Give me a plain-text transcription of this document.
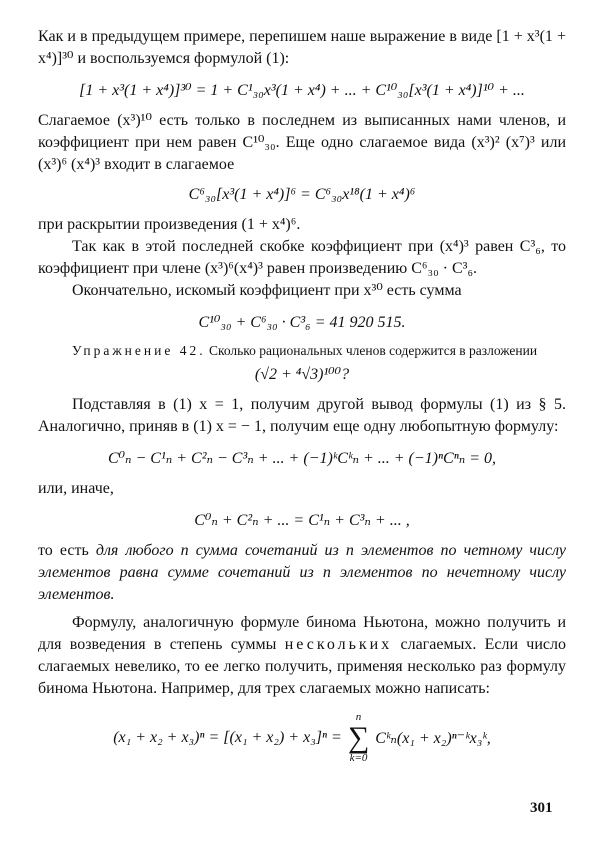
Как и в предыдущем примере, перепишем наше выражение в виде [1 + x³(1 + x⁴)]³⁰ и воспользуемся формулой (1):

[1 + x³(1 + x⁴)]³⁰ = 1 + C¹₃₀x³(1 + x⁴) + ... + C¹⁰₃₀[x³(1 + x⁴)]¹⁰ + ...

Слагаемое (x³)¹⁰ есть только в последнем из выписанных нами членов, и коэффициент при нем равен C¹⁰₃₀. Еще одно слагаемое вида (x³)² (x⁷)³ или (x³)⁶ (x⁴)³ входит в слагаемое

C⁶₃₀[x³(1 + x⁴)]⁶ = C⁶₃₀x¹⁸(1 + x⁴)⁶

при раскрытии произведения (1 + x⁴)⁶.

Так как в этой последней скобке коэффициент при (x⁴)³ равен C³₆, то коэффициент при члене (x³)⁶(x⁴)³ равен произведению C⁶₃₀ · C³₆.

Окончательно, искомый коэффициент при x³⁰ есть сумма

C¹⁰₃₀ + C⁶₃₀ · C³₆ = 41 920 515.

Упражнение 42. Сколько рациональных членов содержится в разложении

(√2 + ⁴√3)¹⁰⁰?

Подставляя в (1) x = 1, получим другой вывод формулы (1) из § 5. Аналогично, приняв в (1) x = − 1, получим еще одну любопытную формулу:

C⁰ₙ − C¹ₙ + C²ₙ − C³ₙ + ... + (−1)ᵏCᵏₙ + ... + (−1)ⁿCⁿₙ = 0,

или, иначе,

C⁰ₙ + C²ₙ + ... = C¹ₙ + C³ₙ + ... ,

то есть для любого n сумма сочетаний из n элементов по четному числу элементов равна сумме сочетаний из n элементов по нечетному числу элементов.

Формулу, аналогичную формуле бинома Ньютона, можно получить и для возведения в степень суммы нескольких слагаемых. Если число слагаемых невелико, то ее легко получить, применяя несколько раз формулу бинома Ньютона. Например, для трех слагаемых можно написать:

(x₁ + x₂ + x₃)ⁿ = [(x₁ + x₂) + x₃]ⁿ =
n
∑
k=0
Cᵏₙ(x₁ + x₂)ⁿ⁻ᵏx₃ᵏ,
301
